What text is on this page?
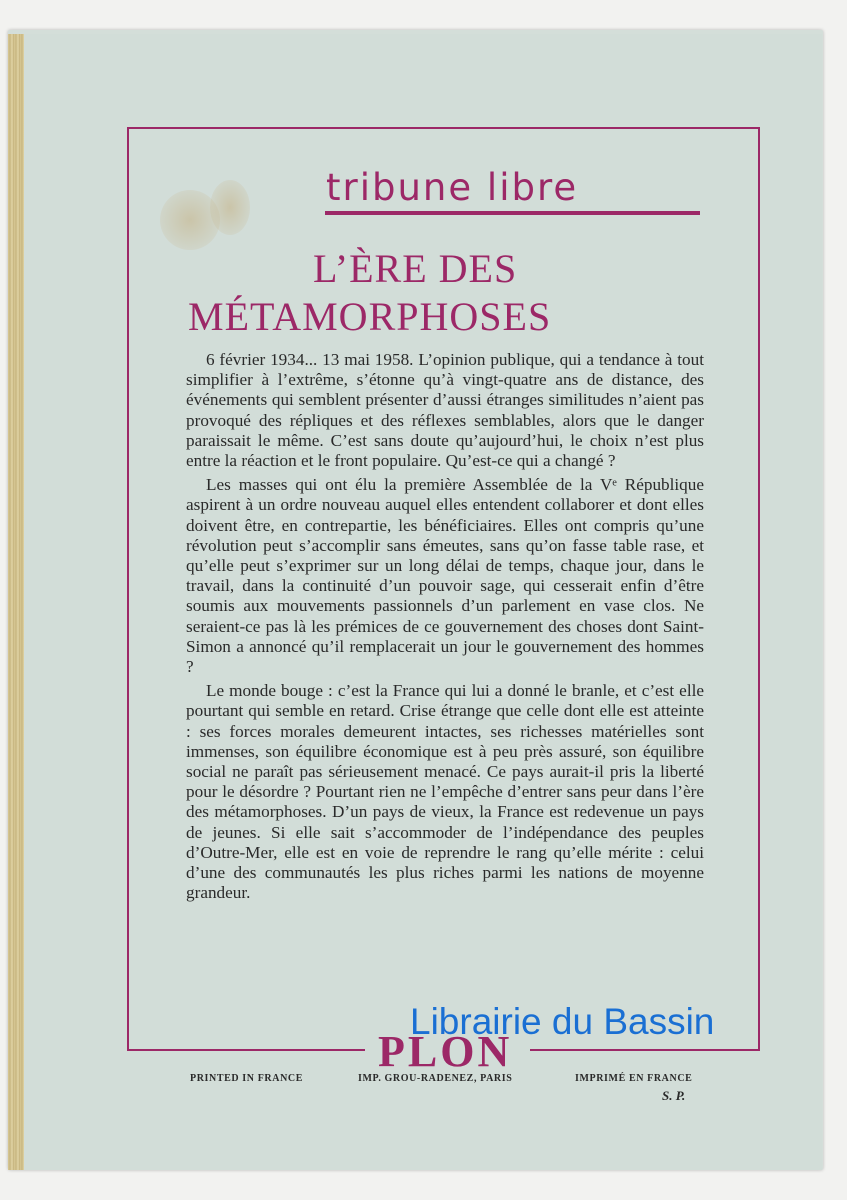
tribune libre
L’ÈRE DES
MÉTAMORPHOSES

6 février 1934... 13 mai 1958. L’opinion publique, qui a tendance à tout simplifier à l’extrême, s’étonne qu’à vingt-quatre ans de distance, des événements qui semblent présenter d’aussi étranges similitudes n’aient pas provoqué des répliques et des réflexes semblables, alors que le danger paraissait le même. C’est sans doute qu’aujourd’hui, le choix n’est plus entre la réaction et le front populaire. Qu’est-ce qui a changé ?

Les masses qui ont élu la première Assemblée de la Vᵉ République aspirent à un ordre nouveau auquel elles entendent collaborer et dont elles doivent être, en contrepartie, les bénéficiaires. Elles ont compris qu’une révolution peut s’accomplir sans émeutes, sans qu’on fasse table rase, et qu’elle peut s’exprimer sur un long délai de temps, chaque jour, dans le travail, dans la continuité d’un pouvoir sage, qui cesserait enfin d’être soumis aux mouvements passionnels d’un parlement en vase clos. Ne seraient-ce pas là les prémices de ce gouvernement des choses dont Saint-Simon a annoncé qu’il remplacerait un jour le gouvernement des hommes ?

Le monde bouge : c’est la France qui lui a donné le branle, et c’est elle pourtant qui semble en retard. Crise étrange que celle dont elle est atteinte : ses forces morales demeurent intactes, ses richesses matérielles sont immenses, son équilibre économique est à peu près assuré, son équilibre social ne paraît pas sérieusement menacé. Ce pays aurait-il pris la liberté pour le désordre ? Pourtant rien ne l’empêche d’entrer sans peur dans l’ère des métamorphoses. D’un pays de vieux, la France est redevenue un pays de jeunes. Si elle sait s’accommoder de l’indépendance des peuples d’Outre-Mer, elle est en voie de reprendre le rang qu’elle mérite : celui d’une des communautés les plus riches parmi les nations de moyenne grandeur.

PLON
Librairie du Bassin
PRINTED IN FRANCE	IMP. GROU-RADENEZ, PARIS	IMPRIMÉ EN FRANCE
S. P.
